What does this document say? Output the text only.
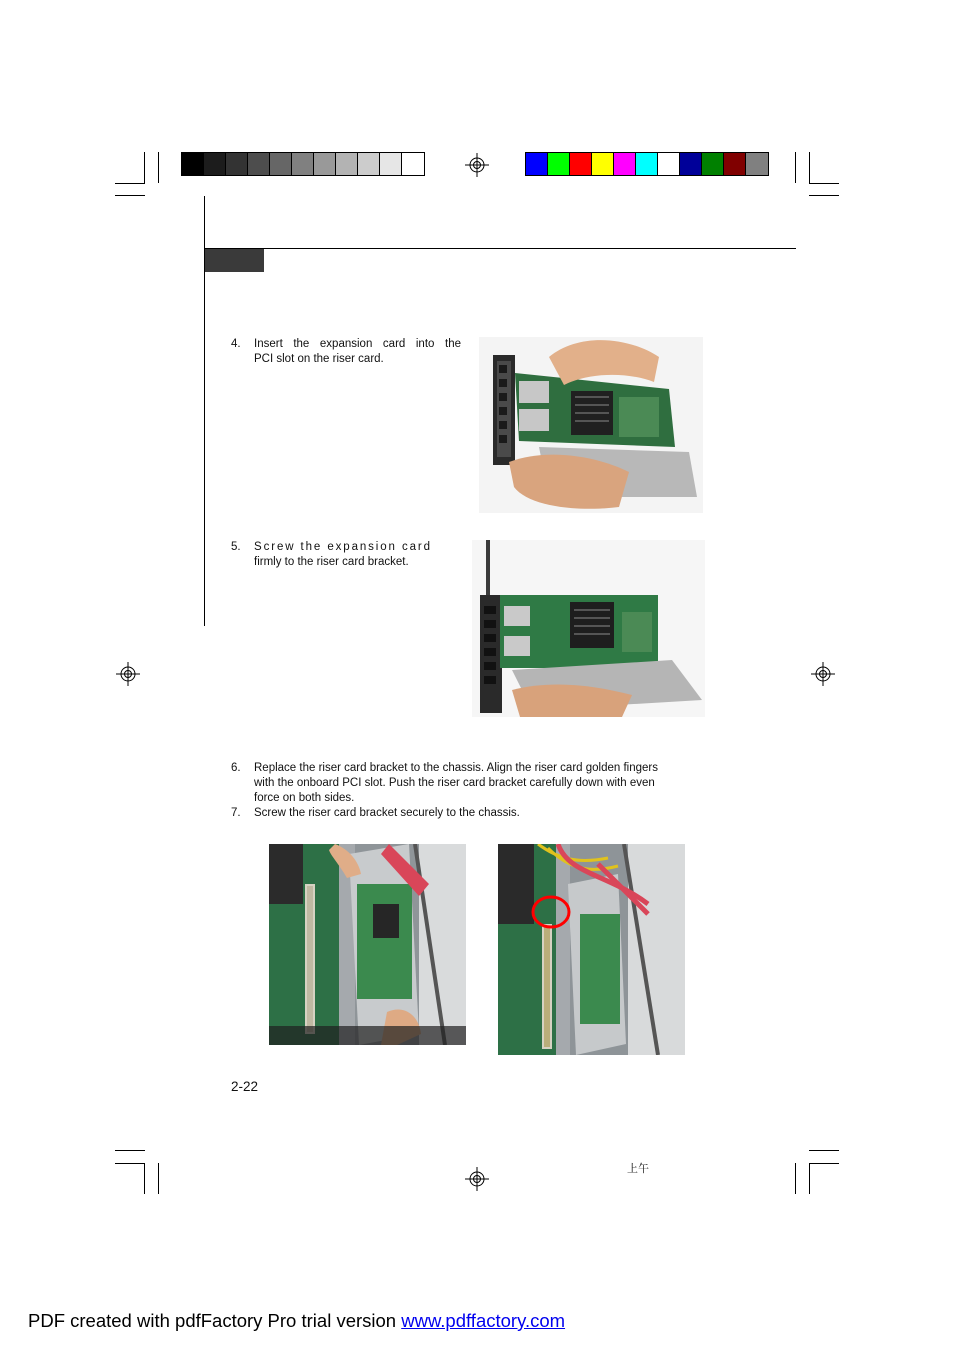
4. Insert the expansion card into the
PCI slot on the riser card.
5. Screw the expansion card
firmly to the riser card bracket.
6. Replace the riser card bracket to the chassis. Align the riser card golden fingers
with the onboard PCI slot. Push the riser card bracket carefully down with even
force on both sides.
7. Screw the riser card bracket securely to the chassis.
2-22
上午
PDF created with pdfFactory Pro trial version www.pdffactory.com
